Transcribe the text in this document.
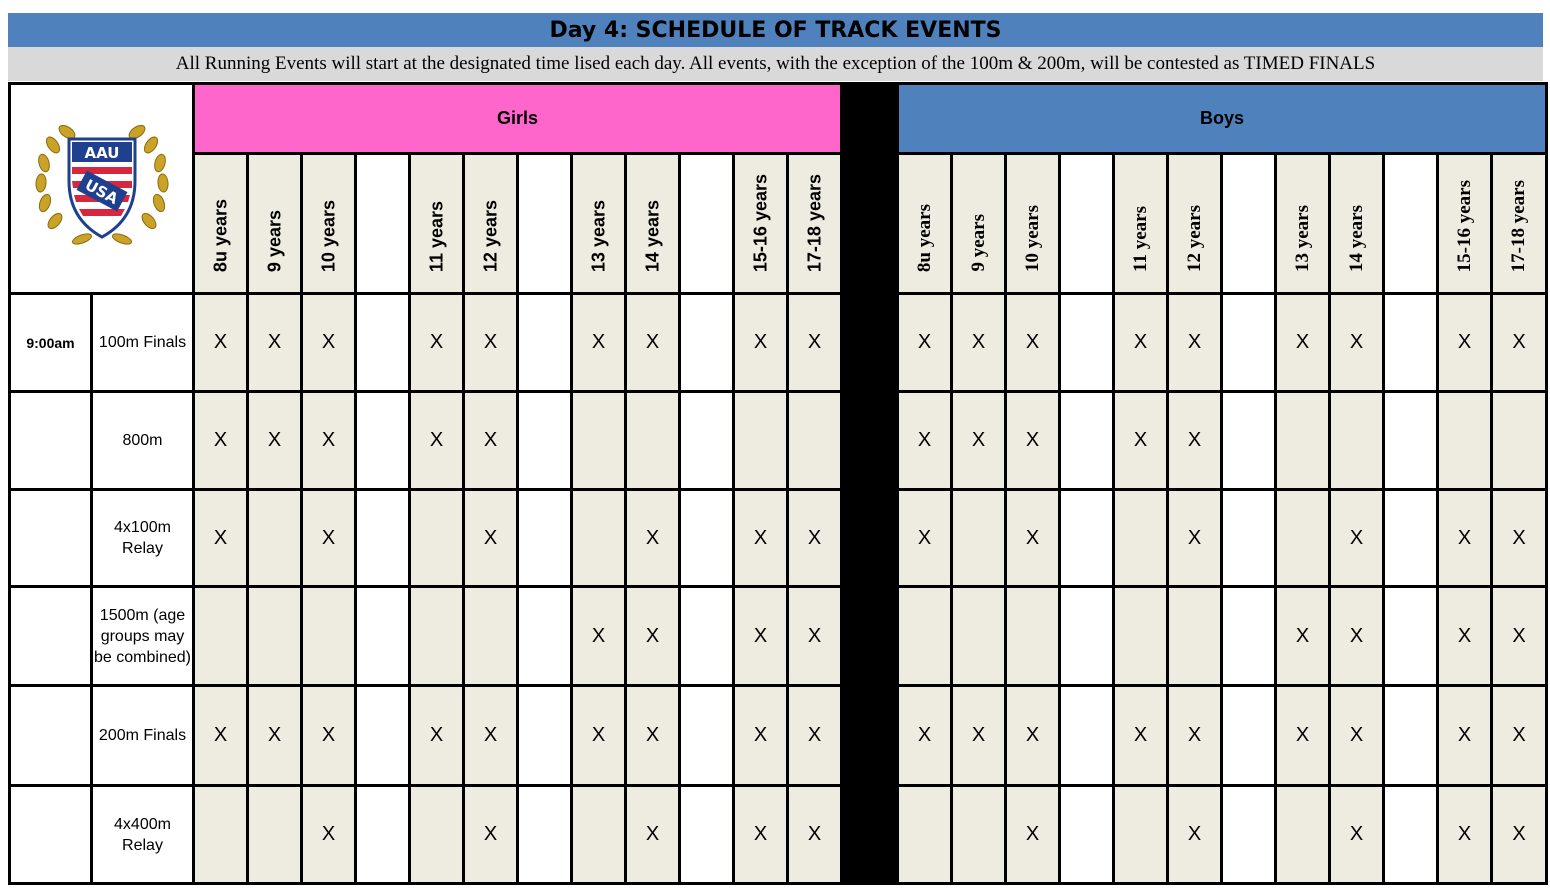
Day 4: SCHEDULE OF TRACK EVENTS
All Running Events will start at the designated time lised each day. All events, with the exception of the 100m & 200m, will be contested as TIMED FINALS
AAU
USA		Girls													Boys											

		8u years	9 years	10 years		11 years	12 years		13 years	14 years		15-16 years	17-18 years		8u years	9 years	10 years		11 years	12 years		13 years	14 years		15-16 years	17-18 years

9:00am	100m Finals	X	X	X		X	X		X	X		X	X		X	X	X		X	X		X	X		X	X
	800m	X	X	X		X	X								X	X	X		X	X						
	4x100m Relay	X		X			X			X		X	X		X		X			X			X		X	X
	1500m (age groups may be combined)								X	X		X	X									X	X		X	X
	200m Finals	X	X	X		X	X		X	X		X	X		X	X	X		X	X		X	X		X	X
	4x400m Relay			X			X			X		X	X				X			X			X		X	X
